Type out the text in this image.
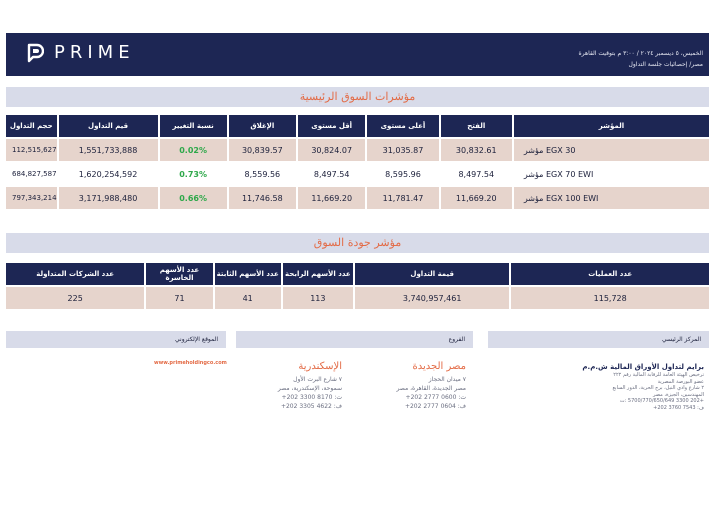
PRIME	الخميس، ٥ ديسمبر ٢٠٢٤ / ٣:٠٠ م بتوقيت القاهرة
مصر/ إحصائيات جلسة التداول
مؤشرات السوق الرئيسية
حجم التداول	قيم التداول	نسبة التغيير	الإغلاق	أقل مستوى	أعلى مستوى	الفتح	المؤشر
112,515,627	1,551,733,888	0.02%	30,839.57	30,824.07	31,035.87	30,832.61	مؤشر EGX 30
684,827,587	1,620,254,592	0.73%	8,559.56	8,497.54	8,595.96	8,497.54	مؤشر EGX 70 EWI
797,343,214	3,171,988,480	0.66%	11,746.58	11,669.20	11,781.47	11,669.20	مؤشر EGX 100 EWI
مؤشر جودة السوق
عدد الشركات المتداولة	عدد الأسهم الخاسرة	عدد الأسهم الثابتة	عدد الأسهم الرابحة	قيمة التداول	عدد العمليات
225	71	41	113	3,740,957,461	115,728
الموقع الإلكتروني	الفروع	المركز الرئيسي
www.primeholdingco.com	الإسكندرية
٧ شارع البرت الأول
سموحة، الإسكندرية، مصر
ت: 8170 3300 202+
ف: 4622 3305 202+
مصر الجديدة
٧ ميدان الحجاز
مصر الجديدة، القاهرة، مصر
ت: 0600 2777 202+
ف: 0604 2777 202+
برايم لتداول الأوراق المالية ش.م.م
ترخيص الهيئة العامة للرقابة المالية رقم ٢٢٢
عضو البورصة المصرية
٢ شارع وادي النيل، برج الحرية، الدور السابع
المهندسين، الجيزة، مصر
+202 3300 5700/770/650/649 :ت
ف: 7543 3760 202+
